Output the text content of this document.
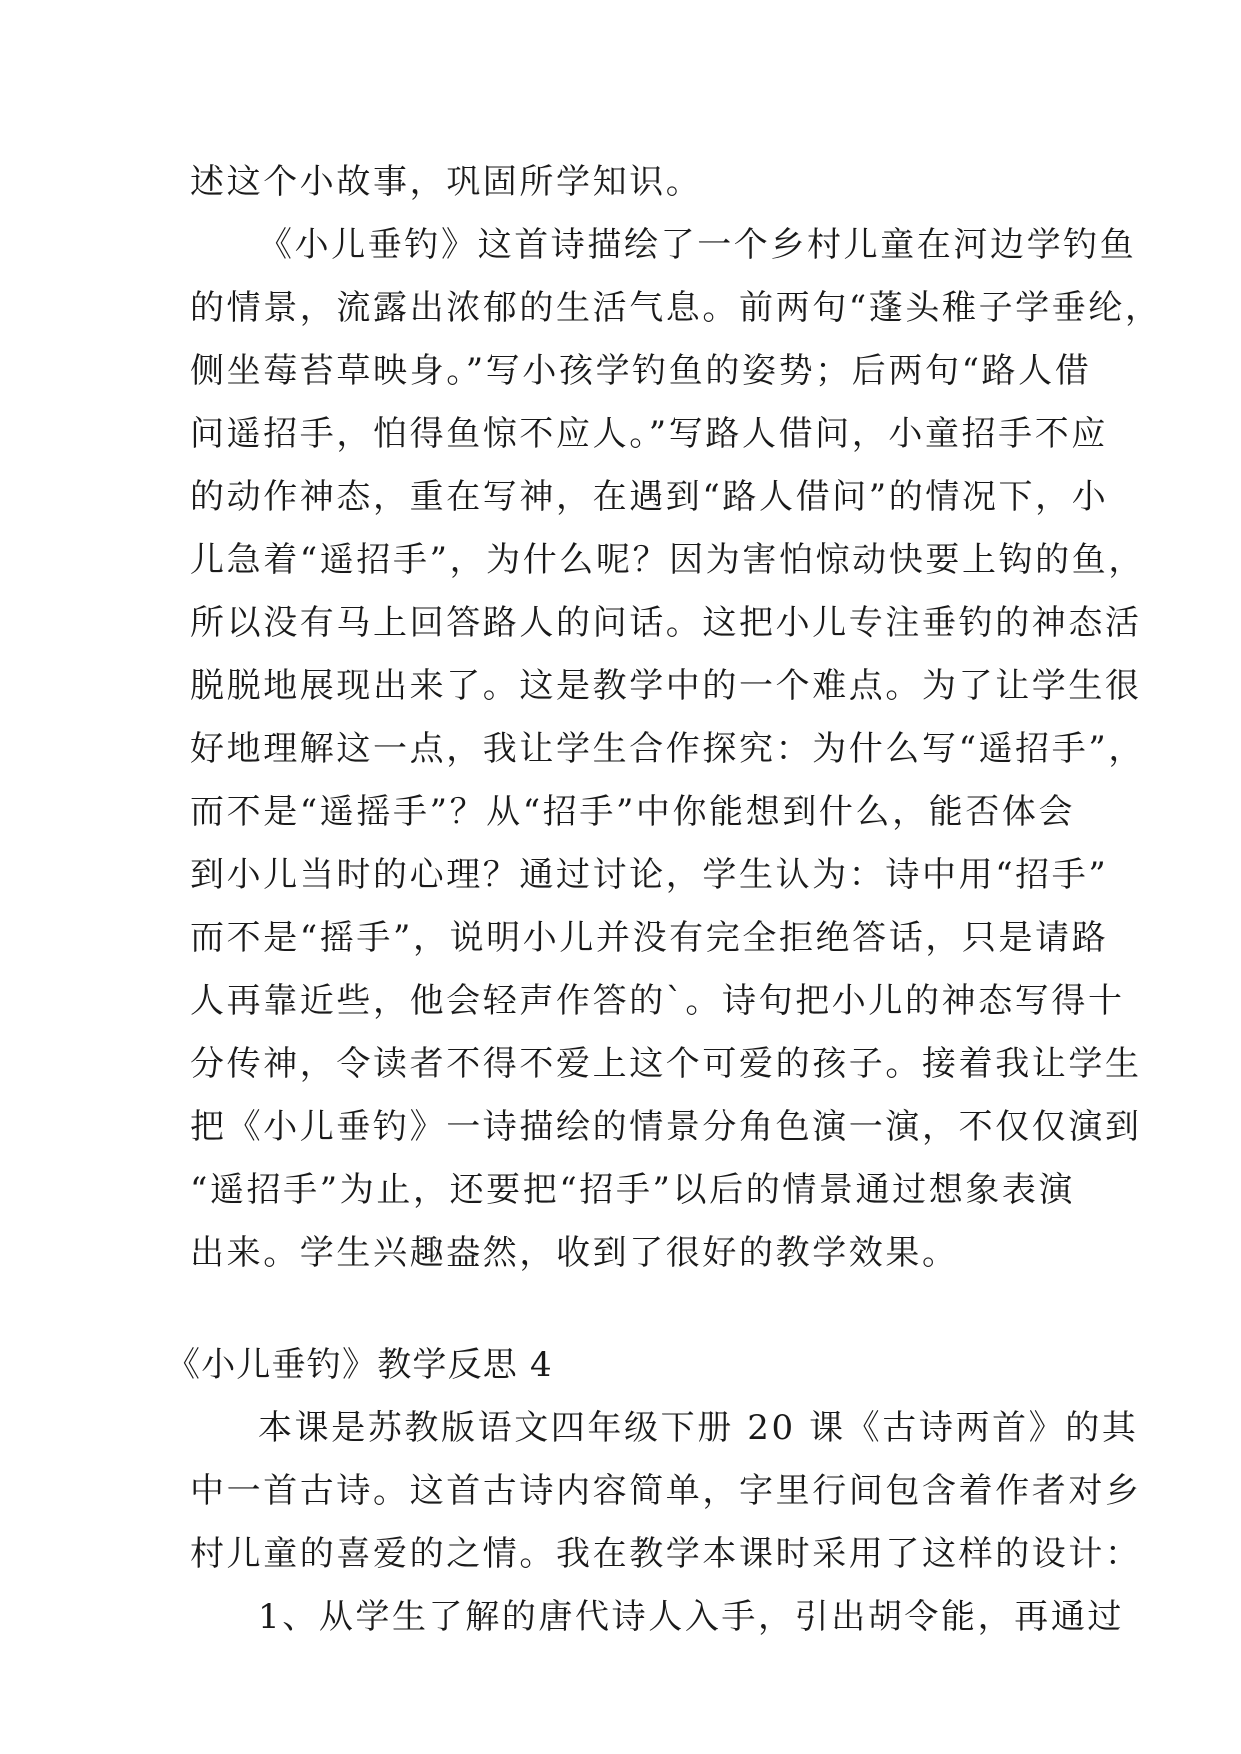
述这个小故事，巩固所学知识。
《小儿垂钓》这首诗描绘了一个乡村儿童在河边学钓鱼
的情景，流露出浓郁的生活气息。前两句“蓬头稚子学垂纶，
侧坐莓苔草映身。”写小孩学钓鱼的姿势；后两句“路人借
问遥招手，怕得鱼惊不应人。”写路人借问，小童招手不应
的动作神态，重在写神，在遇到“路人借问”的情况下，小
儿急着“遥招手”，为什么呢？因为害怕惊动快要上钩的鱼，
所以没有马上回答路人的问话。这把小儿专注垂钓的神态活
脱脱地展现出来了。这是教学中的一个难点。为了让学生很
好地理解这一点，我让学生合作探究：为什么写“遥招手”，
而不是“遥摇手”？从“招手”中你能想到什么，能否体会
到小儿当时的心理？通过讨论，学生认为：诗中用“招手”
而不是“摇手”，说明小儿并没有完全拒绝答话，只是请路
人再靠近些，他会轻声作答的`。诗句把小儿的神态写得十
分传神，令读者不得不爱上这个可爱的孩子。接着我让学生
把《小儿垂钓》一诗描绘的情景分角色演一演，不仅仅演到
“遥招手”为止，还要把“招手”以后的情景通过想象表演
出来。学生兴趣盎然，收到了很好的教学效果。
《小儿垂钓》教学反思 4
本课是苏教版语文四年级下册 20 课《古诗两首》的其
中一首古诗。这首古诗内容简单，字里行间包含着作者对乡
村儿童的喜爱的之情。我在教学本课时采用了这样的设计：
1、从学生了解的唐代诗人入手，引出胡令能，再通过
